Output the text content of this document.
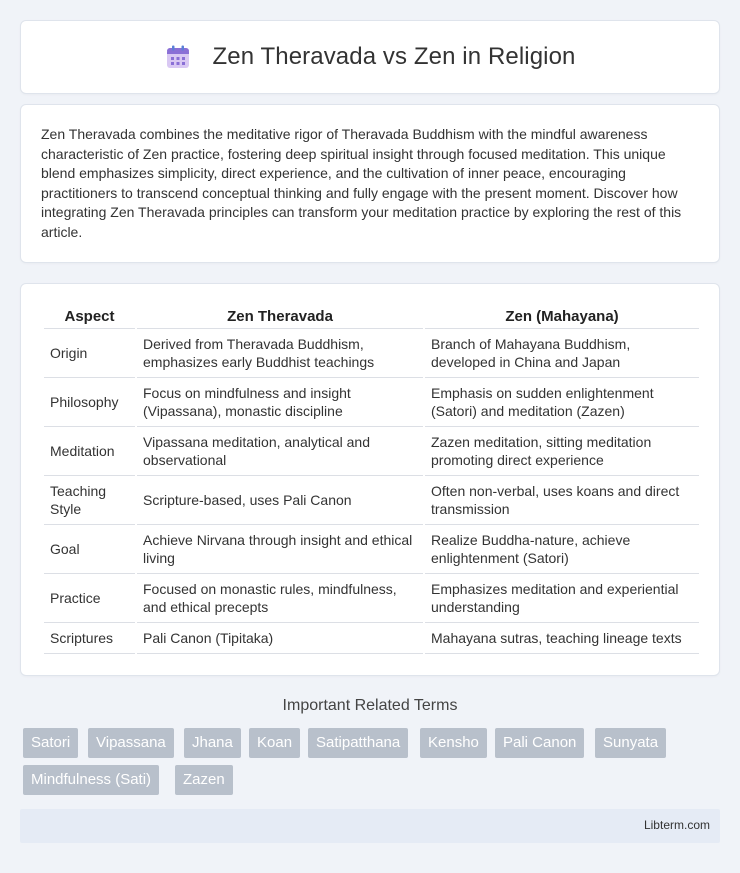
Zen Theravada vs Zen in Religion

Zen Theravada combines the meditative rigor of Theravada Buddhism with the mindful awareness characteristic of Zen practice, fostering deep spiritual insight through focused meditation. This unique blend emphasizes simplicity, direct experience, and the cultivation of inner peace, encouraging practitioners to transcend conceptual thinking and fully engage with the present moment. Discover how integrating Zen Theravada principles can transform your meditation practice by exploring the rest of this article.

Aspect	Zen Theravada	Zen (Mahayana)
Origin	Derived from Theravada Buddhism, emphasizes early Buddhist teachings	Branch of Mahayana Buddhism, developed in China and Japan
Philosophy	Focus on mindfulness and insight (Vipassana), monastic discipline	Emphasis on sudden enlightenment (Satori) and meditation (Zazen)
Meditation	Vipassana meditation, analytical and observational	Zazen meditation, sitting meditation promoting direct experience
Teaching Style	Scripture-based, uses Pali Canon	Often non-verbal, uses koans and direct transmission
Goal	Achieve Nirvana through insight and ethical living	Realize Buddha-nature, achieve enlightenment (Satori)
Practice	Focused on monastic rules, mindfulness, and ethical precepts	Emphasizes meditation and experiential understanding
Scriptures	Pali Canon (Tipitaka)	Mahayana sutras, teaching lineage texts
Important Related Terms
Satori	Vipassana	Jhana	Koan	Satipatthana	Kensho	Pali Canon	Sunyata
Mindfulness (Sati)	Zazen
Libterm.com
